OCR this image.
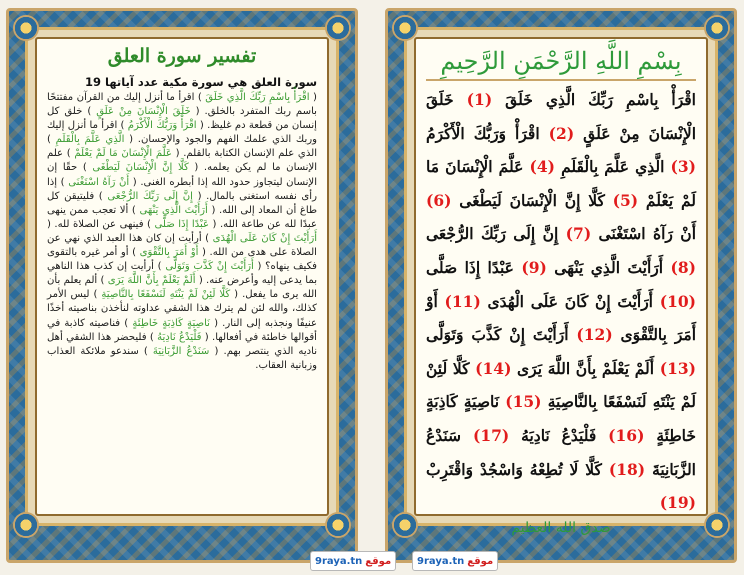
تفسير سورة العلق
سورة العلق هي سورة مكية عدد آياتها 19
( اقْرَأْ بِاسْمِ رَبِّكَ الَّذِي خَلَقَ ) اقرأ ما أنزل إليك من القرآن مفتتحًا باسم ربك المتفرد بالخلق. ( خَلَقَ الْإِنْسَانَ مِنْ عَلَقٍ ) خلق كل إنسان من قطعة دم غليظ. ( اقْرَأْ وَرَبُّكَ الْأَكْرَمُ ) اقرأ ما أنزل إليك وربك الذي علمك الفهم والجود والإحسان. ( الَّذِي عَلَّمَ بِالْقَلَمِ ) الذي علم الإنسان الكتابة بالقلم. ( عَلَّمَ الْإِنْسَانَ مَا لَمْ يَعْلَمْ ) علم الإنسان ما لم يكن يعلمه. ( كَلَّا إِنَّ الْإِنْسَانَ لَيَطْغَى ) حقًا إن الإنسان ليتجاوز حدود الله إذا أبطره الغنى. ( أَنْ رَآهُ اسْتَغْنَى ) إذا رأى نفسه استغنى بالمال. ( إِنَّ إِلَى رَبِّكَ الرُّجْعَى ) فليتيقن كل طاغ أن المعاد إلى الله. ( أَرَأَيْتَ الَّذِي يَنْهَى ) ألا تعجب ممن ينهى عبدًا لله عن طاعة الله. ( عَبْدًا إِذَا صَلَّى ) فينهى عن الصلاة لله. ( أَرَأَيْتَ إِنْ كَانَ عَلَى الْهُدَى ) أرأيت إن كان هذا العبد الذي نهي عن الصلاة على هدى من الله. ( أَوْ أَمَرَ بِالتَّقْوَى ) أو أمر غيره بالتقوى فكيف ينهاه؟ ( أَرَأَيْتَ إِنْ كَذَّبَ وَتَوَلَّى ) أرأيت إن كذب هذا الناهي بما يدعى إليه وأعرض عنه. ( أَلَمْ يَعْلَمْ بِأَنَّ اللَّهَ يَرَى ) ألم يعلم بأن الله يرى ما يفعل. ( كَلَّا لَئِنْ لَمْ يَنْتَهِ لَنَسْفَعًا بِالنَّاصِيَةِ ) ليس الأمر كذلك، والله لئن لم يترك هذا الشقي عداوته لنأخذن بناصيته أخذًا عنيفًا ونجذبه إلى النار. ( نَاصِيَةٍ كَاذِبَةٍ خَاطِئَةٍ ) فناصيته كاذبة في أقوالها خاطئة في أفعالها. ( فَلْيَدْعُ نَادِيَهُ ) فليحضر هذا الشقي أهل ناديه الذي ينتصر بهم. ( سَنَدْعُ الزَّبَانِيَةَ ) سندعو ملائكة العذاب وزبانية العقاب.
بِسْمِ اللَّهِ الرَّحْمَنِ الرَّحِيمِ
اقْرَأْ بِاسْمِ رَبِّكَ الَّذِي خَلَقَ (1) خَلَقَ الْإِنْسَانَ مِنْ عَلَقٍ (2) اقْرَأْ وَرَبُّكَ الْأَكْرَمُ (3) الَّذِي عَلَّمَ بِالْقَلَمِ (4) عَلَّمَ الْإِنْسَانَ مَا لَمْ يَعْلَمْ (5) كَلَّا إِنَّ الْإِنْسَانَ لَيَطْغَى (6) أَنْ رَآهُ اسْتَغْنَى (7) إِنَّ إِلَى رَبِّكَ الرُّجْعَى (8) أَرَأَيْتَ الَّذِي يَنْهَى (9) عَبْدًا إِذَا صَلَّى (10) أَرَأَيْتَ إِنْ كَانَ عَلَى الْهُدَى (11) أَوْ أَمَرَ بِالتَّقْوَى (12) أَرَأَيْتَ إِنْ كَذَّبَ وَتَوَلَّى (13) أَلَمْ يَعْلَمْ بِأَنَّ اللَّهَ يَرَى (14) كَلَّا لَئِنْ لَمْ يَنْتَهِ لَنَسْفَعًا بِالنَّاصِيَةِ (15) نَاصِيَةٍ كَاذِبَةٍ خَاطِئَةٍ (16) فَلْيَدْعُ نَادِيَهُ (17) سَنَدْعُ الزَّبَانِيَةَ (18) كَلَّا لَا تُطِعْهُ وَاسْجُدْ وَاقْتَرِبْ (19)
صدق الله العظيم
9raya.tn موقع	9raya.tn موقع
